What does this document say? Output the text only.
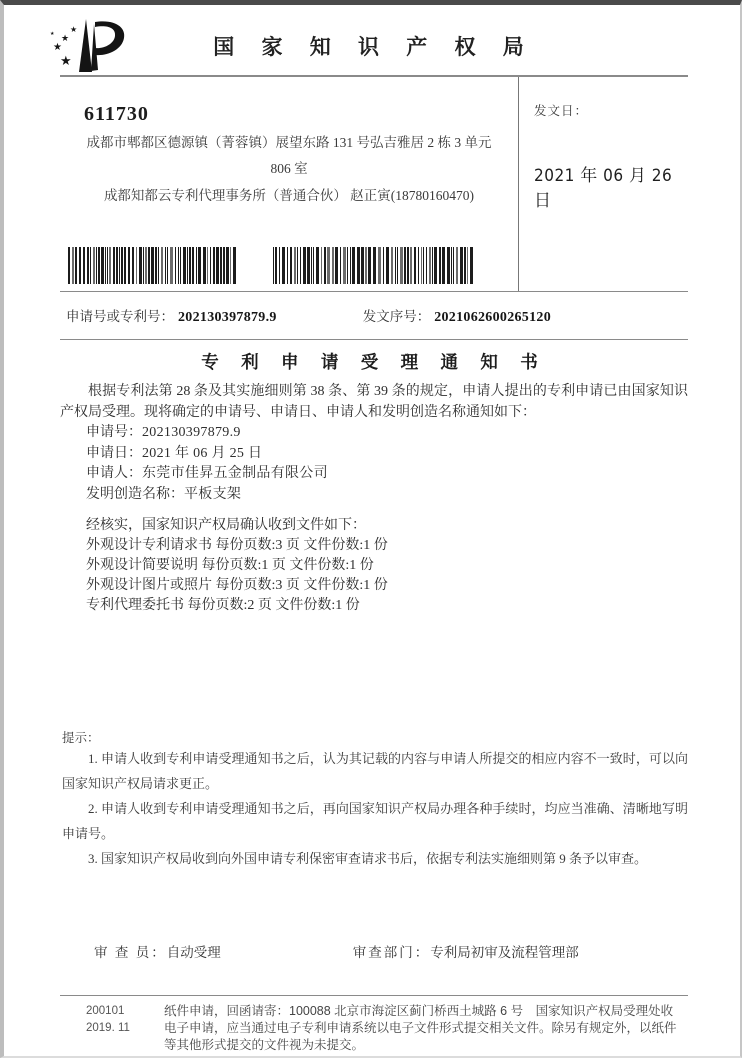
★
★
★
★
★
国 家 知 识 产 权 局
611730
成都市郫都区德源镇（菁蓉镇）展望东路 131 号弘吉雅居 2 栋 3 单元
806 室
成都知都云专利代理事务所（普通合伙） 赵正寅(18780160470)
发文日：
2021 年 06 月 26 日
申请号或专利号： 202130397879.9	发文序号： 2021062600265120
专 利 申 请 受 理 通 知 书

根据专利法第 28 条及其实施细则第 38 条、第 39 条的规定，申请人提出的专利申请已由国家知识产权局受理。现将确定的申请号、申请日、申请人和发明创造名称通知如下：

申请号：202130397879.9
申请日：2021 年 06 月 25 日
申请人：东莞市佳昇五金制品有限公司
发明创造名称：平板支架
经核实，国家知识产权局确认收到文件如下：
外观设计专利请求书 每份页数:3 页 文件份数:1 份
外观设计简要说明 每份页数:1 页 文件份数:1 份
外观设计图片或照片 每份页数:3 页 文件份数:1 份
专利代理委托书 每份页数:2 页 文件份数:1 份
提示：

1. 申请人收到专利申请受理通知书之后，认为其记载的内容与申请人所提交的相应内容不一致时，可以向国家知识产权局请求更正。

2. 申请人收到专利申请受理通知书之后，再向国家知识产权局办理各种手续时，均应当准确、清晰地写明申请号。

3. 国家知识产权局收到向外国申请专利保密审查请求书后，依据专利法实施细则第 9 条予以审查。

审 查 员：自动受理	审查部门：专利局初审及流程管理部
200101
2019. 11
纸件申请，回函请寄：100088 北京市海淀区蓟门桥西土城路 6 号　国家知识产权局受理处收
电子申请，应当通过电子专利申请系统以电子文件形式提交相关文件。除另有规定外，以纸件等其他形式提交的文件视为未提交。
